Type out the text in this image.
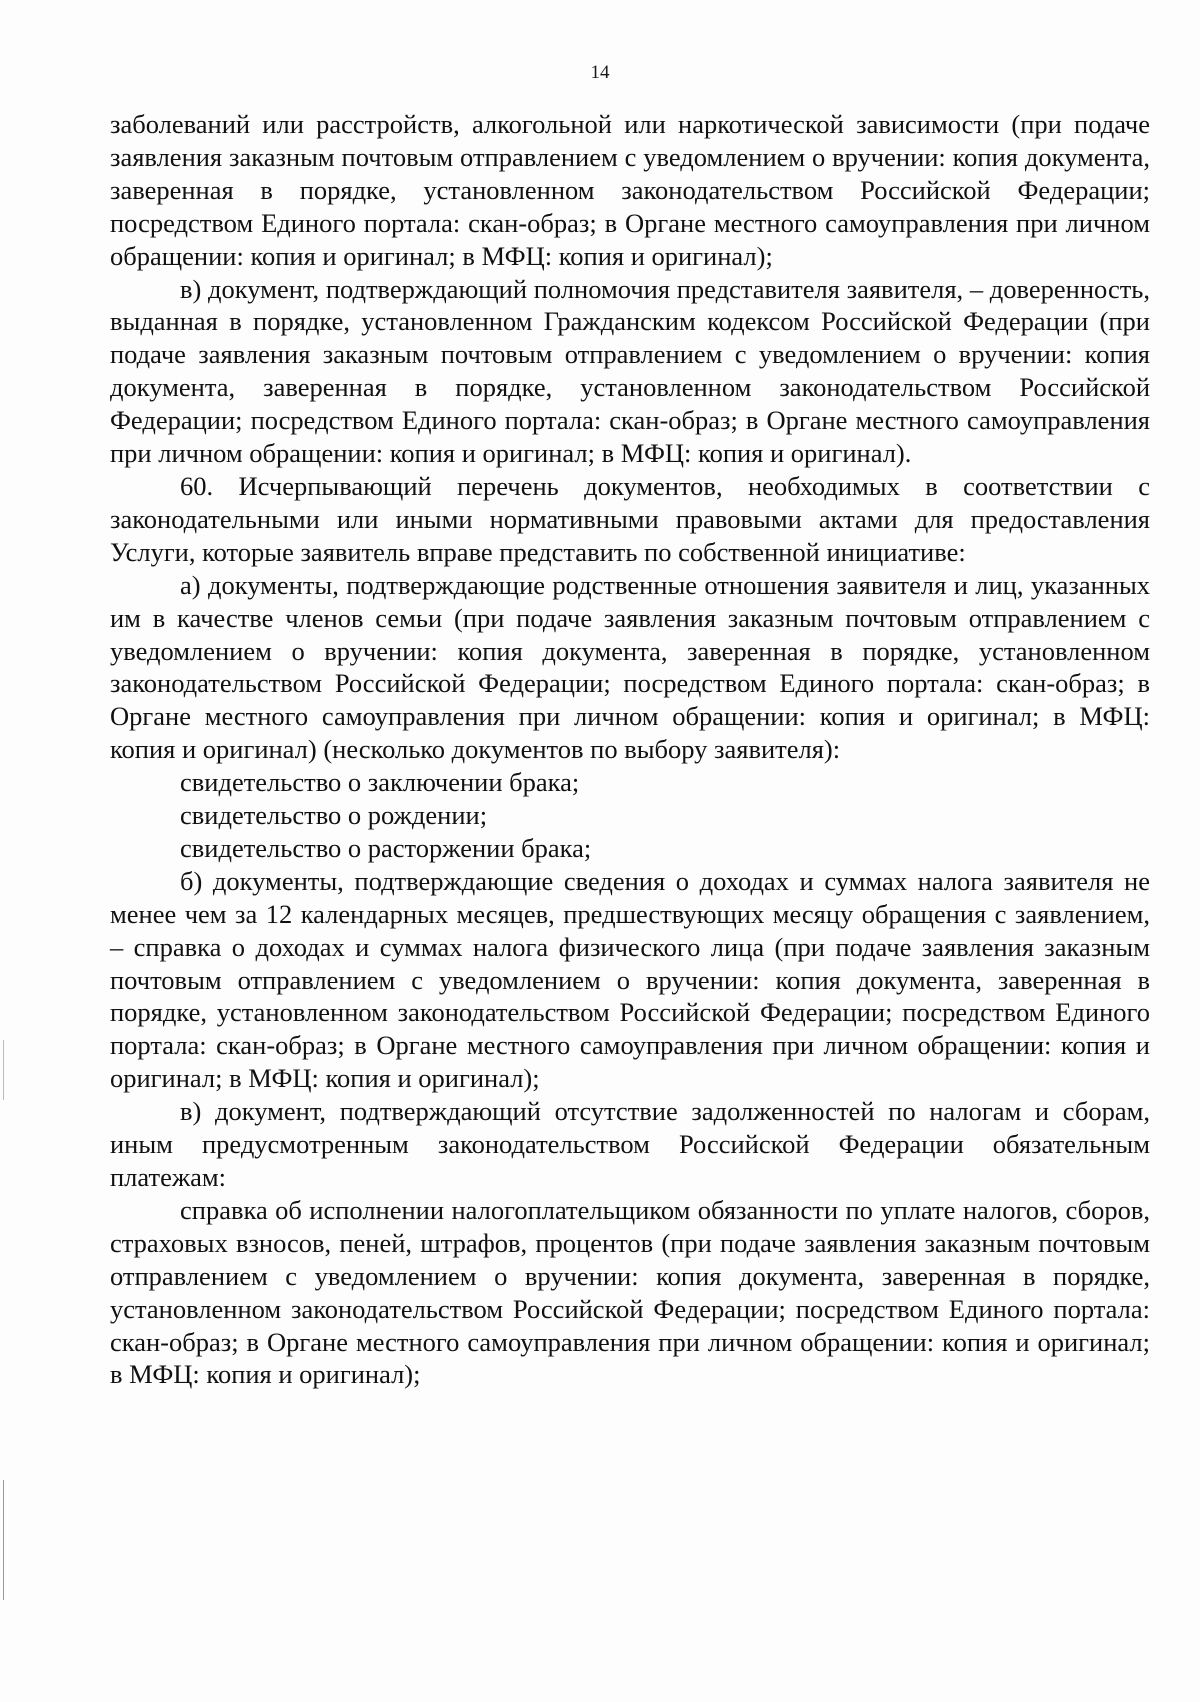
14

заболеваний или расстройств, алкогольной или наркотической зависимости (при подаче заявления заказным почтовым отправлением с уведомлением о вручении: копия документа, заверенная в порядке, установленном законодательством Российской Федерации; посредством Единого портала: скан-образ; в Органе местного самоуправления при личном обращении: копия и оригинал; в МФЦ: копия и оригинал);

в) документ, подтверждающий полномочия представителя заявителя, – доверенность, выданная в порядке, установленном Гражданским кодексом Российской Федерации (при подаче заявления заказным почтовым отправлением с уведомлением о вручении: копия документа, заверенная в порядке, установленном законодательством Российской Федерации; посредством Единого портала: скан-образ; в Органе местного самоуправления при личном обращении: копия и оригинал; в МФЦ: копия и оригинал).

60. Исчерпывающий перечень документов, необходимых в соответствии с законодательными или иными нормативными правовыми актами для предоставления Услуги, которые заявитель вправе представить по собственной инициативе:

а) документы, подтверждающие родственные отношения заявителя и лиц, указанных им в качестве членов семьи (при подаче заявления заказным почтовым отправлением с уведомлением о вручении: копия документа, заверенная в порядке, установленном законодательством Российской Федерации; посредством Единого портала: скан-образ; в Органе местного самоуправления при личном обращении: копия и оригинал; в МФЦ: копия и оригинал) (несколько документов по выбору заявителя):

свидетельство о заключении брака;

свидетельство о рождении;

свидетельство о расторжении брака;

б) документы, подтверждающие сведения о доходах и суммах налога заявителя не менее чем за 12 календарных месяцев, предшествующих месяцу обращения с заявлением, – справка о доходах и суммах налога физического лица (при подаче заявления заказным почтовым отправлением с уведомлением о вручении: копия документа, заверенная в порядке, установленном законодательством Российской Федерации; посредством Единого портала: скан-образ; в Органе местного самоуправления при личном обращении: копия и оригинал; в МФЦ: копия и оригинал);

в) документ, подтверждающий отсутствие задолженностей по налогам и сборам, иным предусмотренным законодательством Российской Федерации обязательным платежам:

справка об исполнении налогоплательщиком обязанности по уплате налогов, сборов, страховых взносов, пеней, штрафов, процентов (при подаче заявления заказным почтовым отправлением с уведомлением о вручении: копия документа, заверенная в порядке, установленном законодательством Российской Федерации; посредством Единого портала: скан-образ; в Органе местного самоуправления при личном обращении: копия и оригинал; в МФЦ: копия и оригинал);
